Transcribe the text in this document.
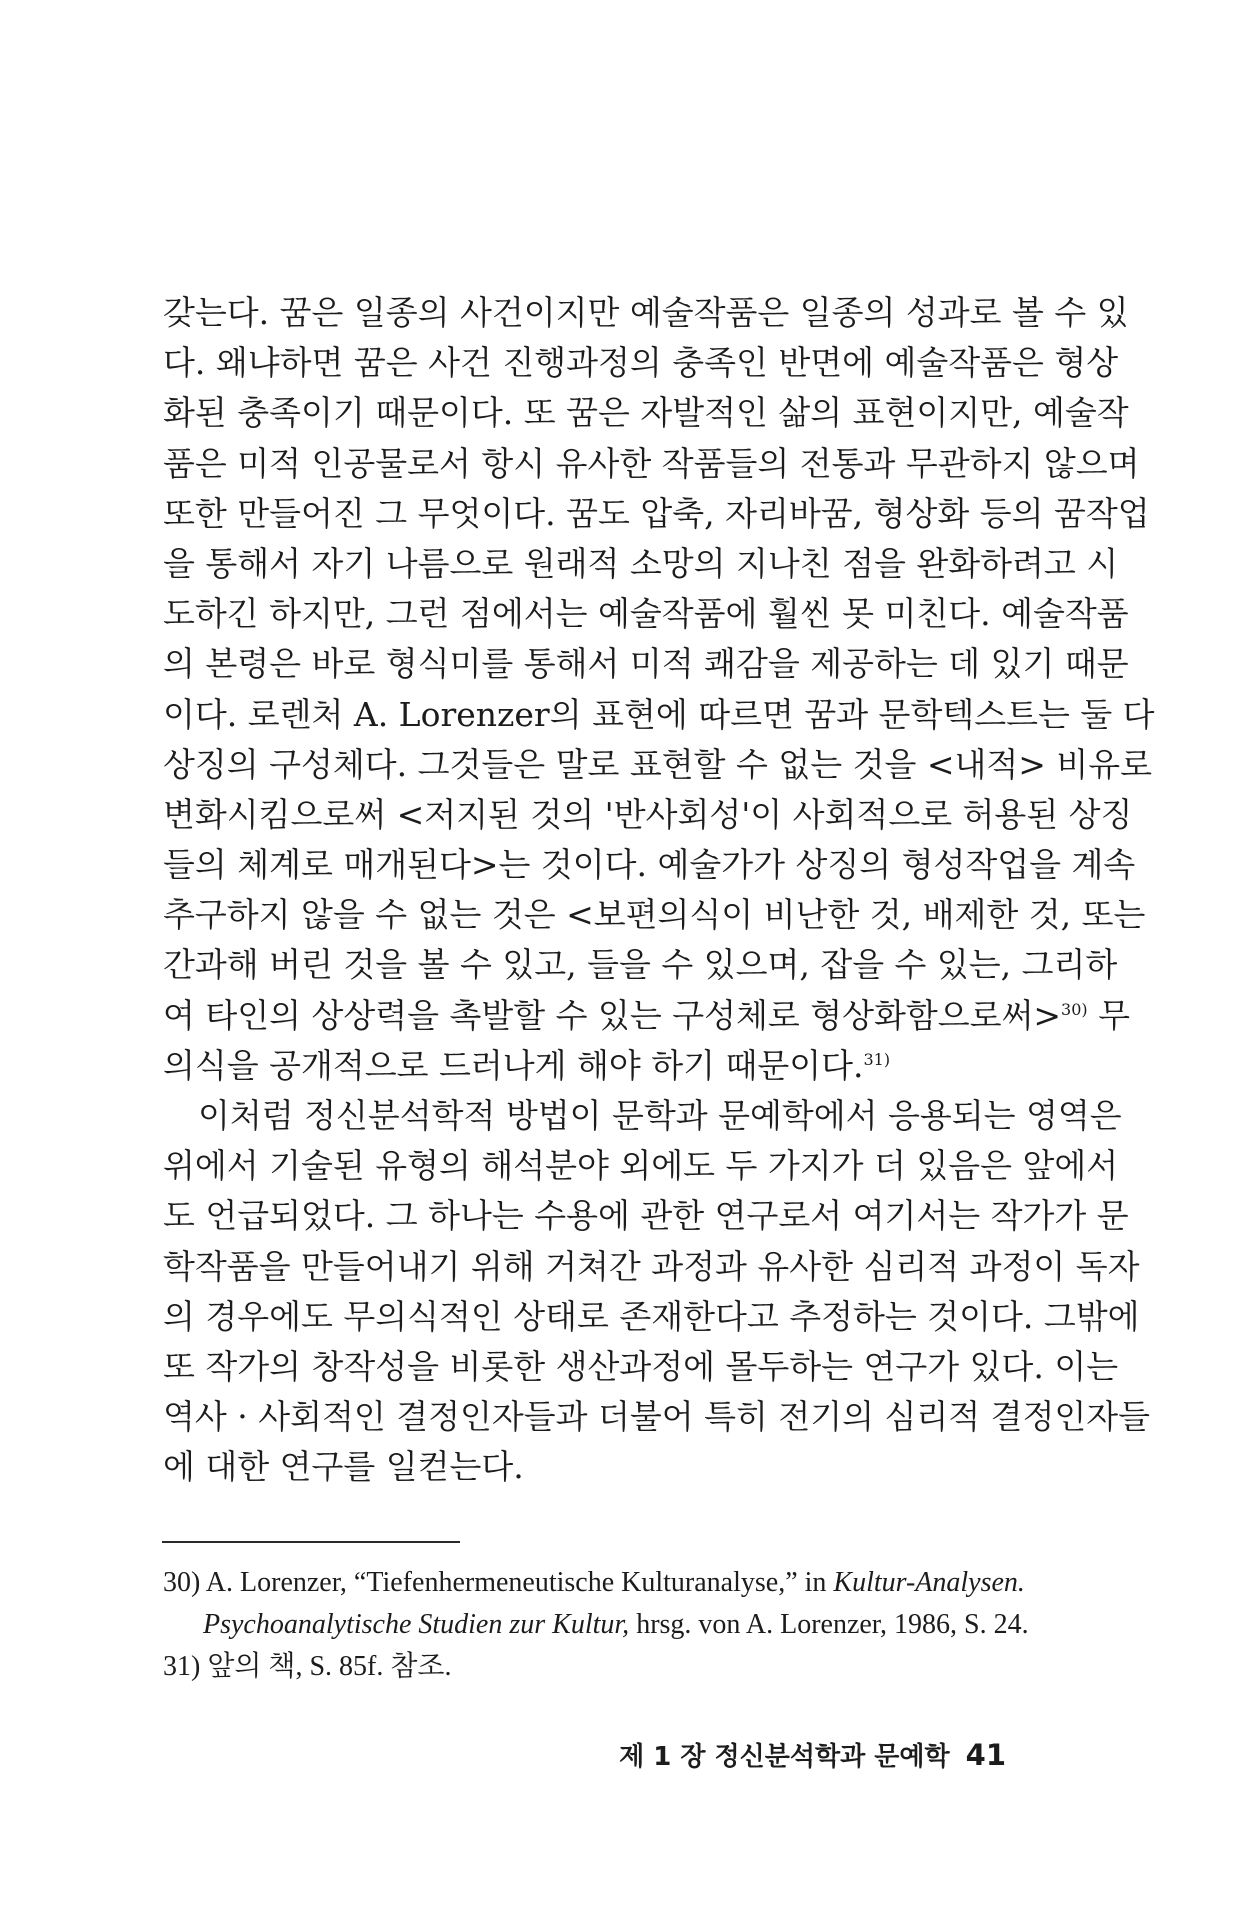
갖는다. 꿈은 일종의 사건이지만 예술작품은 일종의 성과로 볼 수 있
다. 왜냐하면 꿈은 사건 진행과정의 충족인 반면에 예술작품은 형상
화된 충족이기 때문이다. 또 꿈은 자발적인 삶의 표현이지만, 예술작
품은 미적 인공물로서 항시 유사한 작품들의 전통과 무관하지 않으며
또한 만들어진 그 무엇이다. 꿈도 압축, 자리바꿈, 형상화 등의 꿈작업
을 통해서 자기 나름으로 원래적 소망의 지나친 점을 완화하려고 시
도하긴 하지만, 그런 점에서는 예술작품에 훨씬 못 미친다. 예술작품
의 본령은 바로 형식미를 통해서 미적 쾌감을 제공하는 데 있기 때문
이다. 로렌처 A. Lorenzer의 표현에 따르면 꿈과 문학텍스트는 둘 다
상징의 구성체다. 그것들은 말로 표현할 수 없는 것을 <내적> 비유로
변화시킴으로써 <저지된 것의 '반사회성'이 사회적으로 허용된 상징
들의 체계로 매개된다>는 것이다. 예술가가 상징의 형성작업을 계속
추구하지 않을 수 없는 것은 <보편의식이 비난한 것, 배제한 것, 또는
간과해 버린 것을 볼 수 있고, 들을 수 있으며, 잡을 수 있는, 그리하
여 타인의 상상력을 촉발할 수 있는 구성체로 형상화함으로써>$^{30)}$ 무
의식을 공개적으로 드러나게 해야 하기 때문이다.$^{31)}$
이처럼 정신분석학적 방법이 문학과 문예학에서 응용되는 영역은
위에서 기술된 유형의 해석분야 외에도 두 가지가 더 있음은 앞에서
도 언급되었다. 그 하나는 수용에 관한 연구로서 여기서는 작가가 문
학작품을 만들어내기 위해 거쳐간 과정과 유사한 심리적 과정이 독자
의 경우에도 무의식적인 상태로 존재한다고 추정하는 것이다. 그밖에
또 작가의 창작성을 비롯한 생산과정에 몰두하는 연구가 있다. 이는
역사 · 사회적인 결정인자들과 더불어 특히 전기의 심리적 결정인자들
에 대한 연구를 일컫는다.
30) A. Lorenzer, “Tiefenhermeneutische Kulturanalyse,” in Kultur-Analysen.
Psychoanalytische Studien zur Kultur, hrsg. von A. Lorenzer, 1986, S. 24.
31) 앞의 책, S. 85f. 참조.
제 1 장 정신분석학과 문예학 41
